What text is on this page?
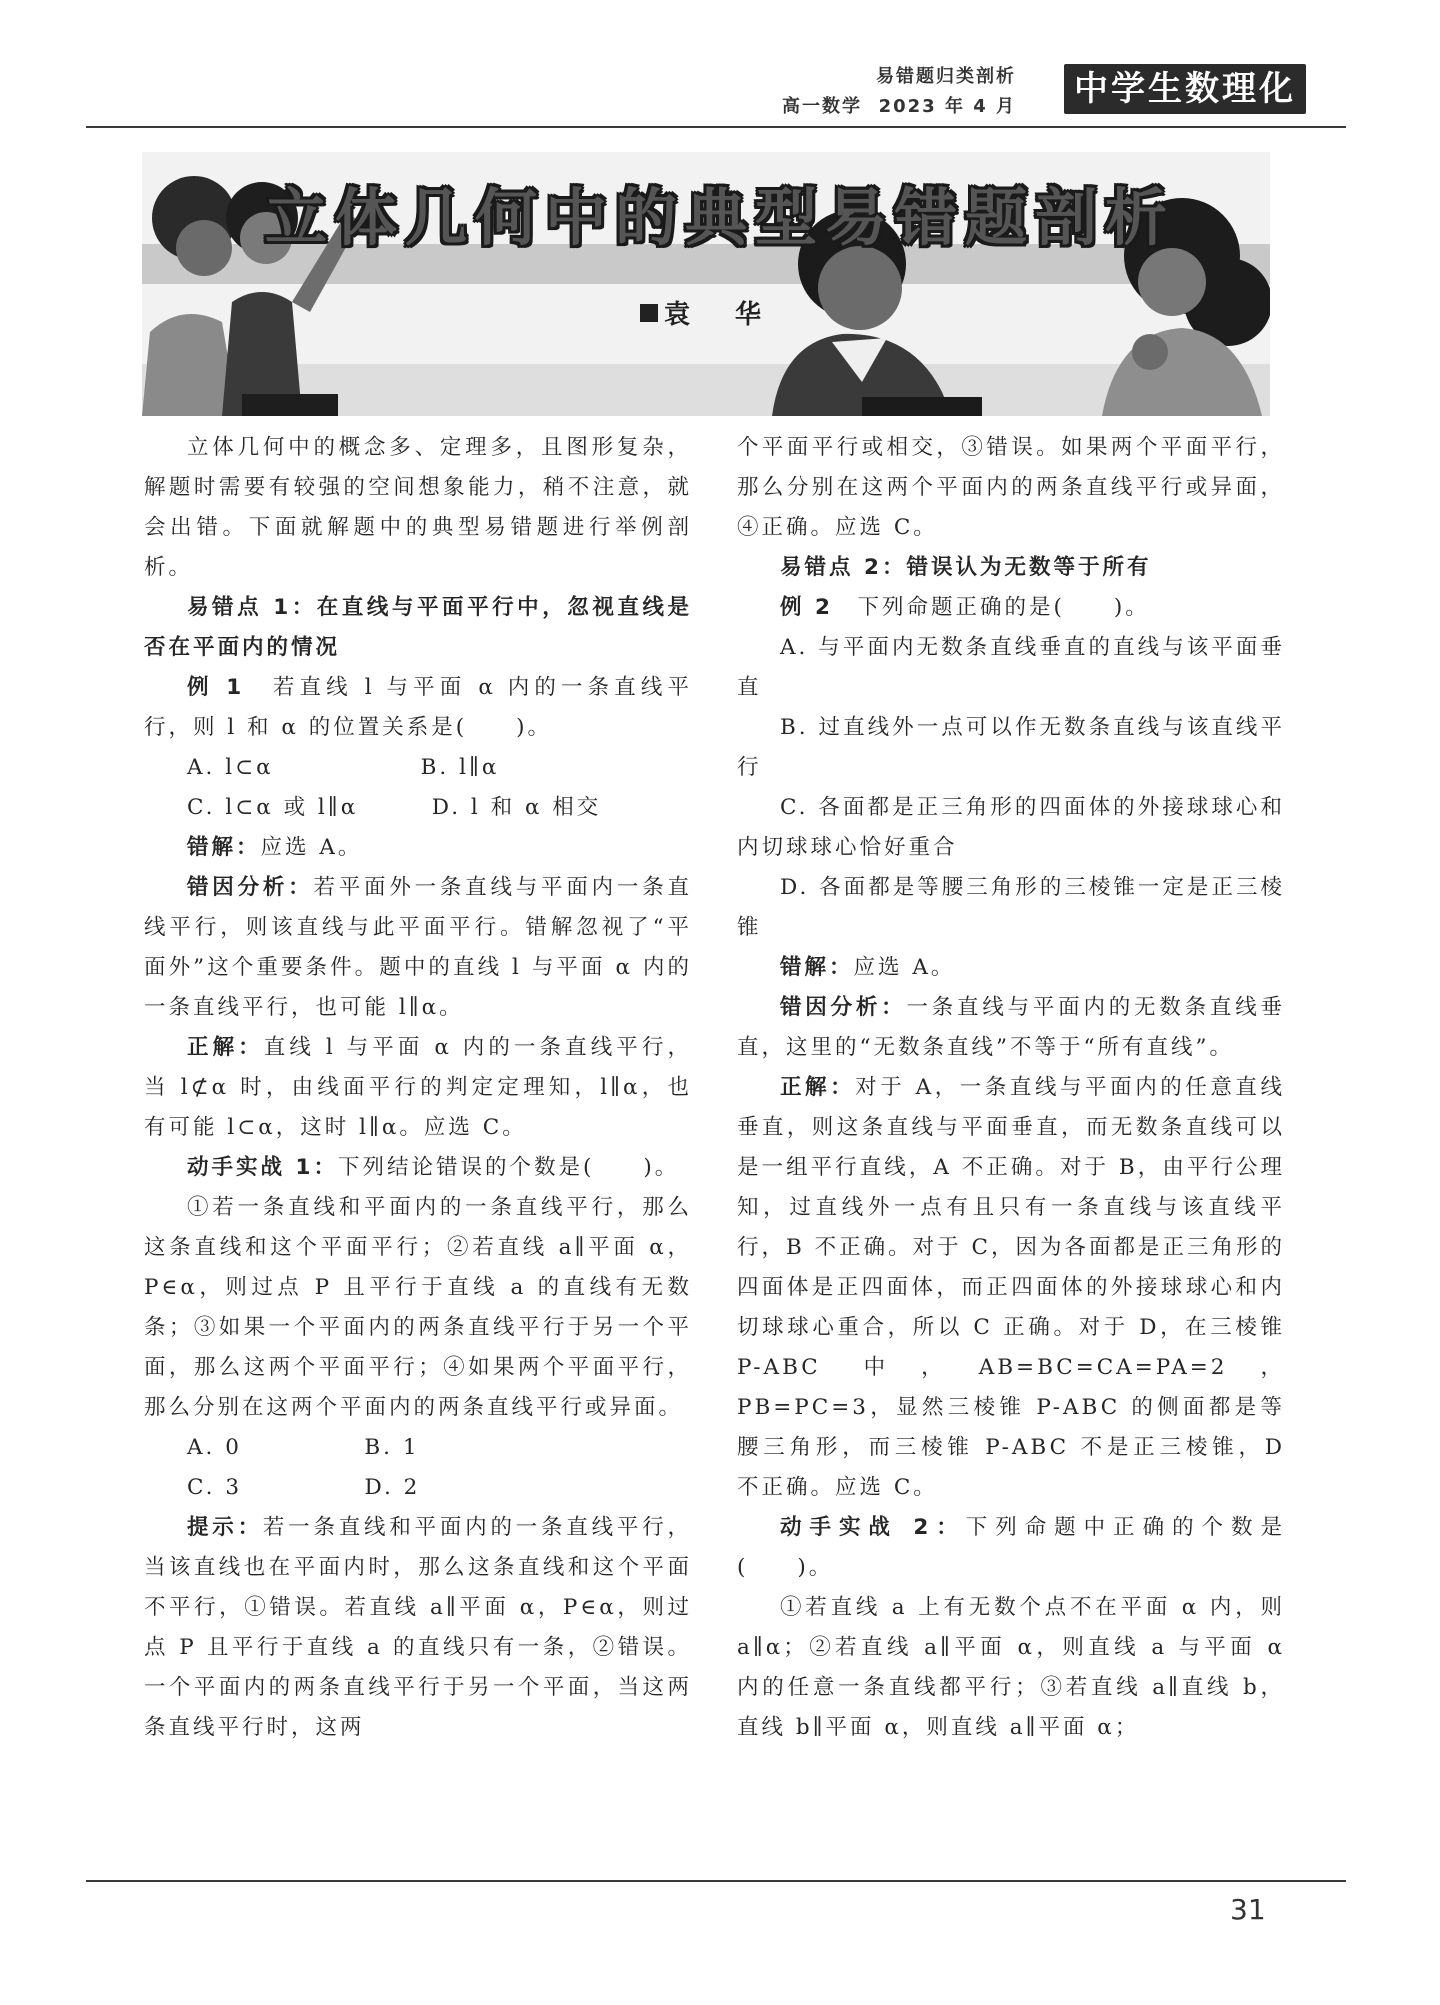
易错题归类剖析
高一数学 2023 年 4 月 中学生数理化
立体几何中的典型易错题剖析
袁 华

立体几何中的概念多、定理多，且图形复杂，解题时需要有较强的空间想象能力，稍不注意，就会出错。下面就解题中的典型易错题进行举例剖析。

易错点 1：在直线与平面平行中，忽视直线是否在平面内的情况

例 1　若直线 l 与平面 α 内的一条直线平行，则 l 和 α 的位置关系是(　　)。

A. l⊂α　　　　　　B. l∥α

C. l⊂α 或 l∥α　　　D. l 和 α 相交

错解：应选 A。

错因分析：若平面外一条直线与平面内一条直线平行，则该直线与此平面平行。错解忽视了“平面外”这个重要条件。题中的直线 l 与平面 α 内的一条直线平行，也可能 l∥α。

正解：直线 l 与平面 α 内的一条直线平行，当 l⊄α 时，由线面平行的判定定理知，l∥α，也有可能 l⊂α，这时 l∥α。应选 C。

动手实战 1：下列结论错误的个数是(　　)。

①若一条直线和平面内的一条直线平行，那么这条直线和这个平面平行；②若直线 a∥平面 α，P∈α，则过点 P 且平行于直线 a 的直线有无数条；③如果一个平面内的两条直线平行于另一个平面，那么这两个平面平行；④如果两个平面平行，那么分别在这两个平面内的两条直线平行或异面。

A. 0　　　　　B. 1

C. 3　　　　　D. 2

提示：若一条直线和平面内的一条直线平行，当该直线也在平面内时，那么这条直线和这个平面不平行，①错误。若直线 a∥平面 α，P∈α，则过点 P 且平行于直线 a 的直线只有一条，②错误。一个平面内的两条直线平行于另一个平面，当这两条直线平行时，这两

个平面平行或相交，③错误。如果两个平面平行，那么分别在这两个平面内的两条直线平行或异面，④正确。应选 C。

易错点 2：错误认为无数等于所有

例 2　下列命题正确的是(　　)。

A. 与平面内无数条直线垂直的直线与该平面垂直

B. 过直线外一点可以作无数条直线与该直线平行

C. 各面都是正三角形的四面体的外接球球心和内切球球心恰好重合

D. 各面都是等腰三角形的三棱锥一定是正三棱锥

错解：应选 A。

错因分析：一条直线与平面内的无数条直线垂直，这里的“无数条直线”不等于“所有直线”。

正解：对于 A，一条直线与平面内的任意直线垂直，则这条直线与平面垂直，而无数条直线可以是一组平行直线，A 不正确。对于 B，由平行公理知，过直线外一点有且只有一条直线与该直线平行，B 不正确。对于 C，因为各面都是正三角形的四面体是正四面体，而正四面体的外接球球心和内切球球心重合，所以 C 正确。对于 D，在三棱锥 P-ABC 中，AB=BC=CA=PA=2，PB=PC=3，显然三棱锥 P-ABC 的侧面都是等腰三角形，而三棱锥 P-ABC 不是正三棱锥，D 不正确。应选 C。

动手实战 2：下列命题中正确的个数是(　　)。

①若直线 a 上有无数个点不在平面 α 内，则 a∥α；②若直线 a∥平面 α，则直线 a 与平面 α 内的任意一条直线都平行；③若直线 a∥直线 b，直线 b∥平面 α，则直线 a∥平面 α；

31
